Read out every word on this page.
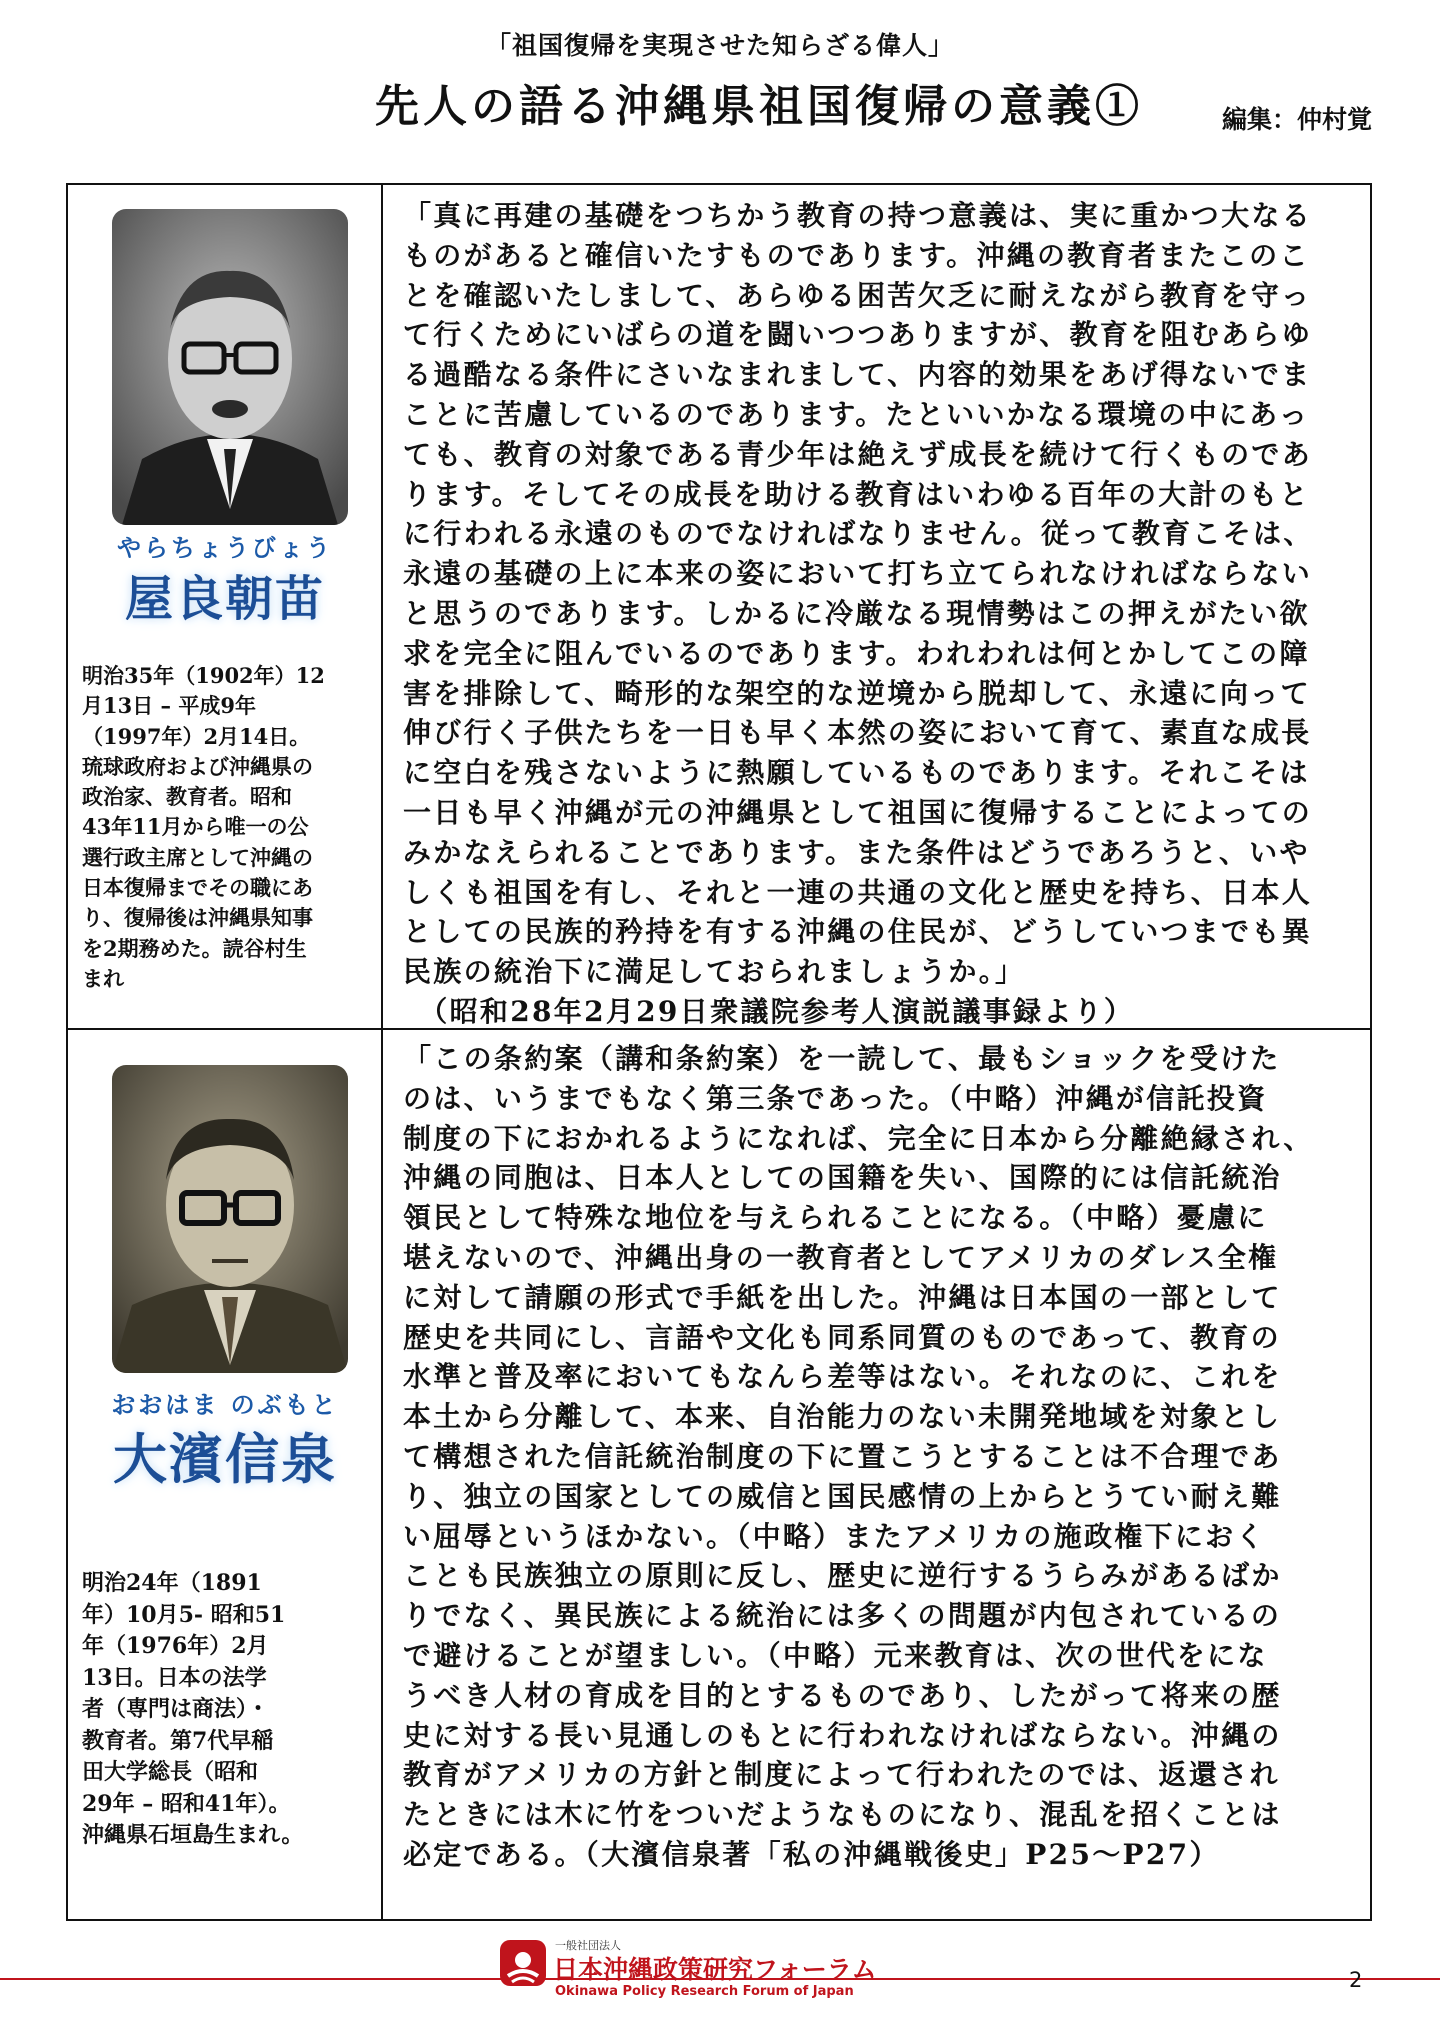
「祖国復帰を実現させた知らざる偉人」
先人の語る沖縄県祖国復帰の意義①	編集：仲村覚
やらちょうびょう
屋良朝苗
明治35年（1902年）12
月13日 – 平成9年
（1997年）2月14日。
琉球政府および沖縄県の
政治家、教育者。昭和
43年11月から唯一の公
選行政主席として沖縄の
日本復帰までその職にあ
り、復帰後は沖縄県知事
を2期務めた。読谷村生
まれ
「真に再建の基礎をつちかう教育の持つ意義は、実に重かつ大なる
ものがあると確信いたすものであります。沖縄の教育者またこのこ
とを確認いたしまして、あらゆる困苦欠乏に耐えながら教育を守っ
て行くためにいばらの道を闘いつつありますが、教育を阻むあらゆ
る過酷なる条件にさいなまれまして、内容的効果をあげ得ないでま
ことに苦慮しているのであります。たといいかなる環境の中にあっ
ても、教育の対象である青少年は絶えず成長を続けて行くものであ
ります。そしてその成長を助ける教育はいわゆる百年の大計のもと
に行われる永遠のものでなければなりません。従って教育こそは、
永遠の基礎の上に本来の姿において打ち立てられなければならない
と思うのであります。しかるに冷厳なる現情勢はこの押えがたい欲
求を完全に阻んでいるのであります。われわれは何とかしてこの障
害を排除して、畸形的な架空的な逆境から脱却して、永遠に向って
伸び行く子供たちを一日も早く本然の姿において育て、素直な成長
に空白を残さないように熱願しているものであります。それこそは
一日も早く沖縄が元の沖縄県として祖国に復帰することによっての
みかなえられることであります。また条件はどうであろうと、いや
しくも祖国を有し、それと一連の共通の文化と歴史を持ち、日本人
としての民族的矜持を有する沖縄の住民が、どうしていつまでも異
民族の統治下に満足しておられましょうか。」
　（昭和28年2月29日衆議院参考人演説議事録より）
おおはま のぶもと
大濱信泉
明治24年（1891
年）10月5- 昭和51
年（1976年）2月
13日。日本の法学
者（専門は商法）・
教育者。第7代早稲
田大学総長（昭和
29年 – 昭和41年）。
沖縄県石垣島生まれ。
「この条約案（講和条約案）を一読して、最もショックを受けた
のは、いうまでもなく第三条であった。（中略）沖縄が信託投資
制度の下におかれるようになれば、完全に日本から分離絶縁され、
沖縄の同胞は、日本人としての国籍を失い、国際的には信託統治
領民として特殊な地位を与えられることになる。（中略）憂慮に
堪えないので、沖縄出身の一教育者としてアメリカのダレス全権
に対して請願の形式で手紙を出した。沖縄は日本国の一部として
歴史を共同にし、言語や文化も同系同質のものであって、教育の
水準と普及率においてもなんら差等はない。それなのに、これを
本土から分離して、本来、自治能力のない未開発地域を対象とし
て構想された信託統治制度の下に置こうとすることは不合理であ
り、独立の国家としての威信と国民感情の上からとうてい耐え難
い屈辱というほかない。（中略）またアメリカの施政権下におく
ことも民族独立の原則に反し、歴史に逆行するうらみがあるばか
りでなく、異民族による統治には多くの問題が内包されているの
で避けることが望ましい。（中略）元来教育は、次の世代をにな
うべき人材の育成を目的とするものであり、したがって将来の歴
史に対する長い見通しのもとに行われなければならない。沖縄の
教育がアメリカの方針と制度によって行われたのでは、返還され
たときには木に竹をついだようなものになり、混乱を招くことは
必定である。（大濱信泉著「私の沖縄戦後史」P25〜P27）
一般社団法人
日本沖縄政策研究フォーラム
Okinawa Policy Research Forum of Japan	2
